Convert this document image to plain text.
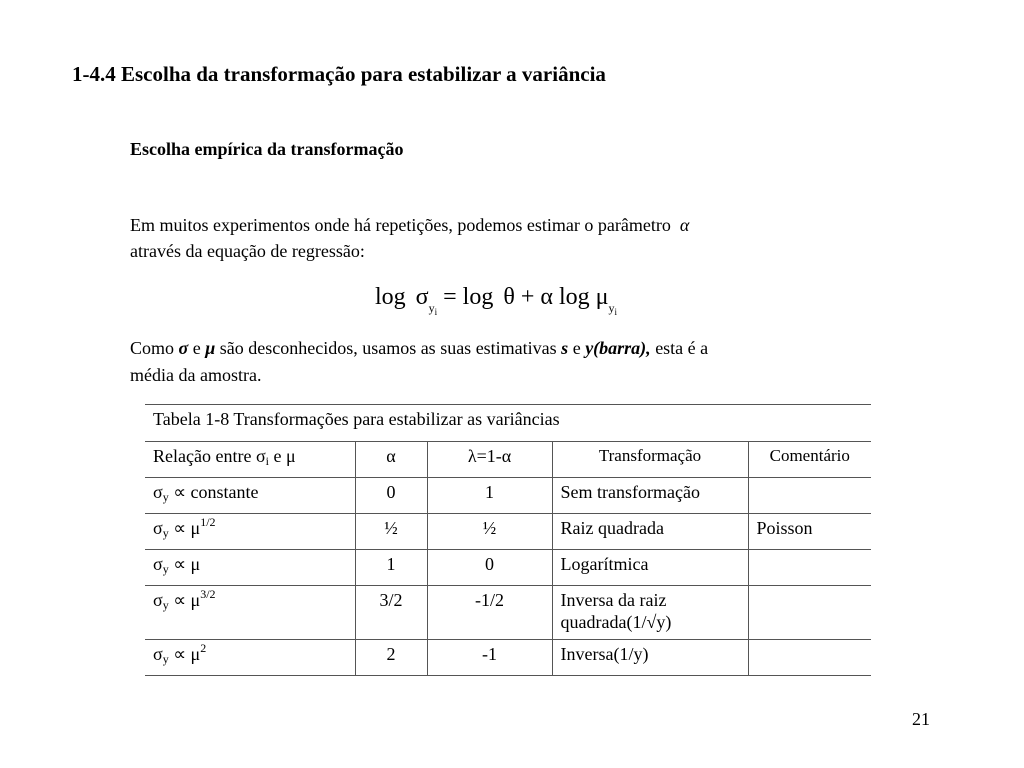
1-4.4 Escolha da transformação para estabilizar a variância
Escolha empírica da transformação
Em muitos experimentos onde há repetições, podemos estimar o parâmetro α
através da equação de regressão:
$\log \sigma_{y_i} = \log \theta + \alpha$ $\log \mu_{y_i}$
Como σ e μ são desconhecidos, usamos as suas estimativas s e y(barra), esta é a
média da amostra.
Tabela 1-8 Transformações para estabilizar as variâncias				
Relação entre $\sigma_i$ e μ	α	λ=1-α	Transformação	Comentário
$\sigma_y$ ∝ constante	0	1	Sem transformação	
$\sigma_y \propto \mu^{1/2}$	½	½	Raiz quadrada	Poisson
$\sigma_y \propto \mu$	1	0	Logarítmica	
$\sigma_y \propto \mu^{3/2}$	3/2	-1/2	Inversa da raiz
quadrada(1/√y)	

$\sigma_y \propto \mu^2$	2	-1	Inversa(1/y)	
21
